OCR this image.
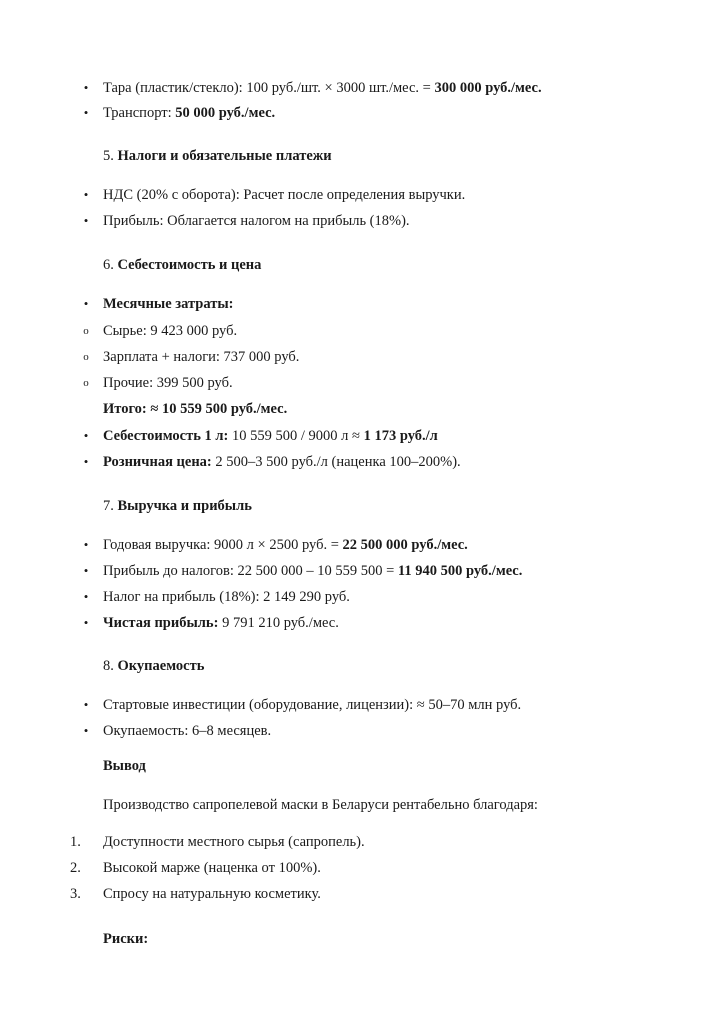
•	Тара (пластик/стекло): 100 руб./шт. × 3000 шт./мес. = 300 000 руб./мес.
•	Транспорт: 50 000 руб./мес.
5. Налоги и обязательные платежи
•	НДС (20% с оборота): Расчет после определения выручки.
•	Прибыль: Облагается налогом на прибыль (18%).
6. Себестоимость и цена
•	Месячные затраты:
o Сырье: 9 423 000 руб.
o Зарплата + налоги: 737 000 руб.
o Прочие: 399 500 руб.
Итого: ≈ 10 559 500 руб./мес.
•	Себестоимость 1 л: 10 559 500 / 9000 л ≈ 1 173 руб./л
•	Розничная цена: 2 500–3 500 руб./л (наценка 100–200%).
7. Выручка и прибыль
•	Годовая выручка: 9000 л × 2500 руб. = 22 500 000 руб./мес.
•	Прибыль до налогов: 22 500 000 – 10 559 500 = 11 940 500 руб./мес.
•	Налог на прибыль (18%): 2 149 290 руб.
•	Чистая прибыль: 9 791 210 руб./мес.
8. Окупаемость
•	Стартовые инвестиции (оборудование, лицензии): ≈ 50–70 млн руб.
•	Окупаемость: 6–8 месяцев.
Вывод
Производство сапропелевой маски в Беларуси рентабельно благодаря:
1.	Доступности местного сырья (сапропель).
2.	Высокой марже (наценка от 100%).
3.	Спросу на натуральную косметику.
Риски:
